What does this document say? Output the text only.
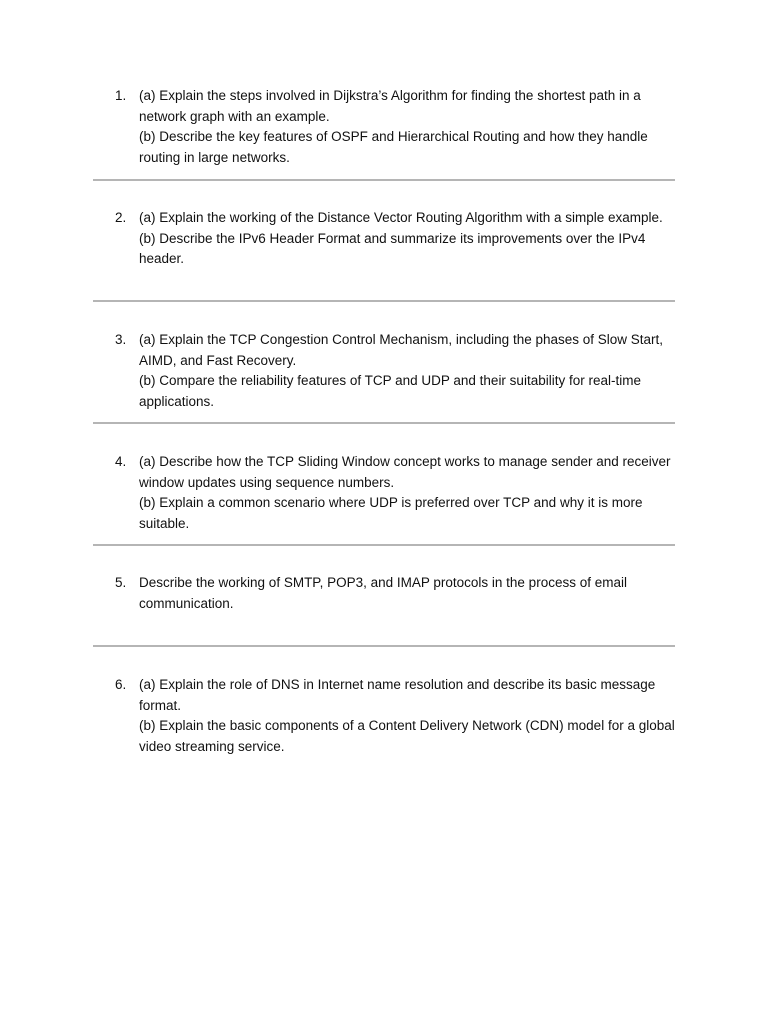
1. (a) Explain the steps involved in Dijkstra’s Algorithm for finding the shortest path in a network graph with an example.
(b) Describe the key features of OSPF and Hierarchical Routing and how they handle routing in large networks.
2. (a) Explain the working of the Distance Vector Routing Algorithm with a simple example.
(b) Describe the IPv6 Header Format and summarize its improvements over the IPv4 header.
3. (a) Explain the TCP Congestion Control Mechanism, including the phases of Slow Start, AIMD, and Fast Recovery.
(b) Compare the reliability features of TCP and UDP and their suitability for real-time applications.
4. (a) Describe how the TCP Sliding Window concept works to manage sender and receiver window updates using sequence numbers.
(b) Explain a common scenario where UDP is preferred over TCP and why it is more suitable.
5. Describe the working of SMTP, POP3, and IMAP protocols in the process of email communication.
6. (a) Explain the role of DNS in Internet name resolution and describe its basic message format.
(b) Explain the basic components of a Content Delivery Network (CDN) model for a global video streaming service.
